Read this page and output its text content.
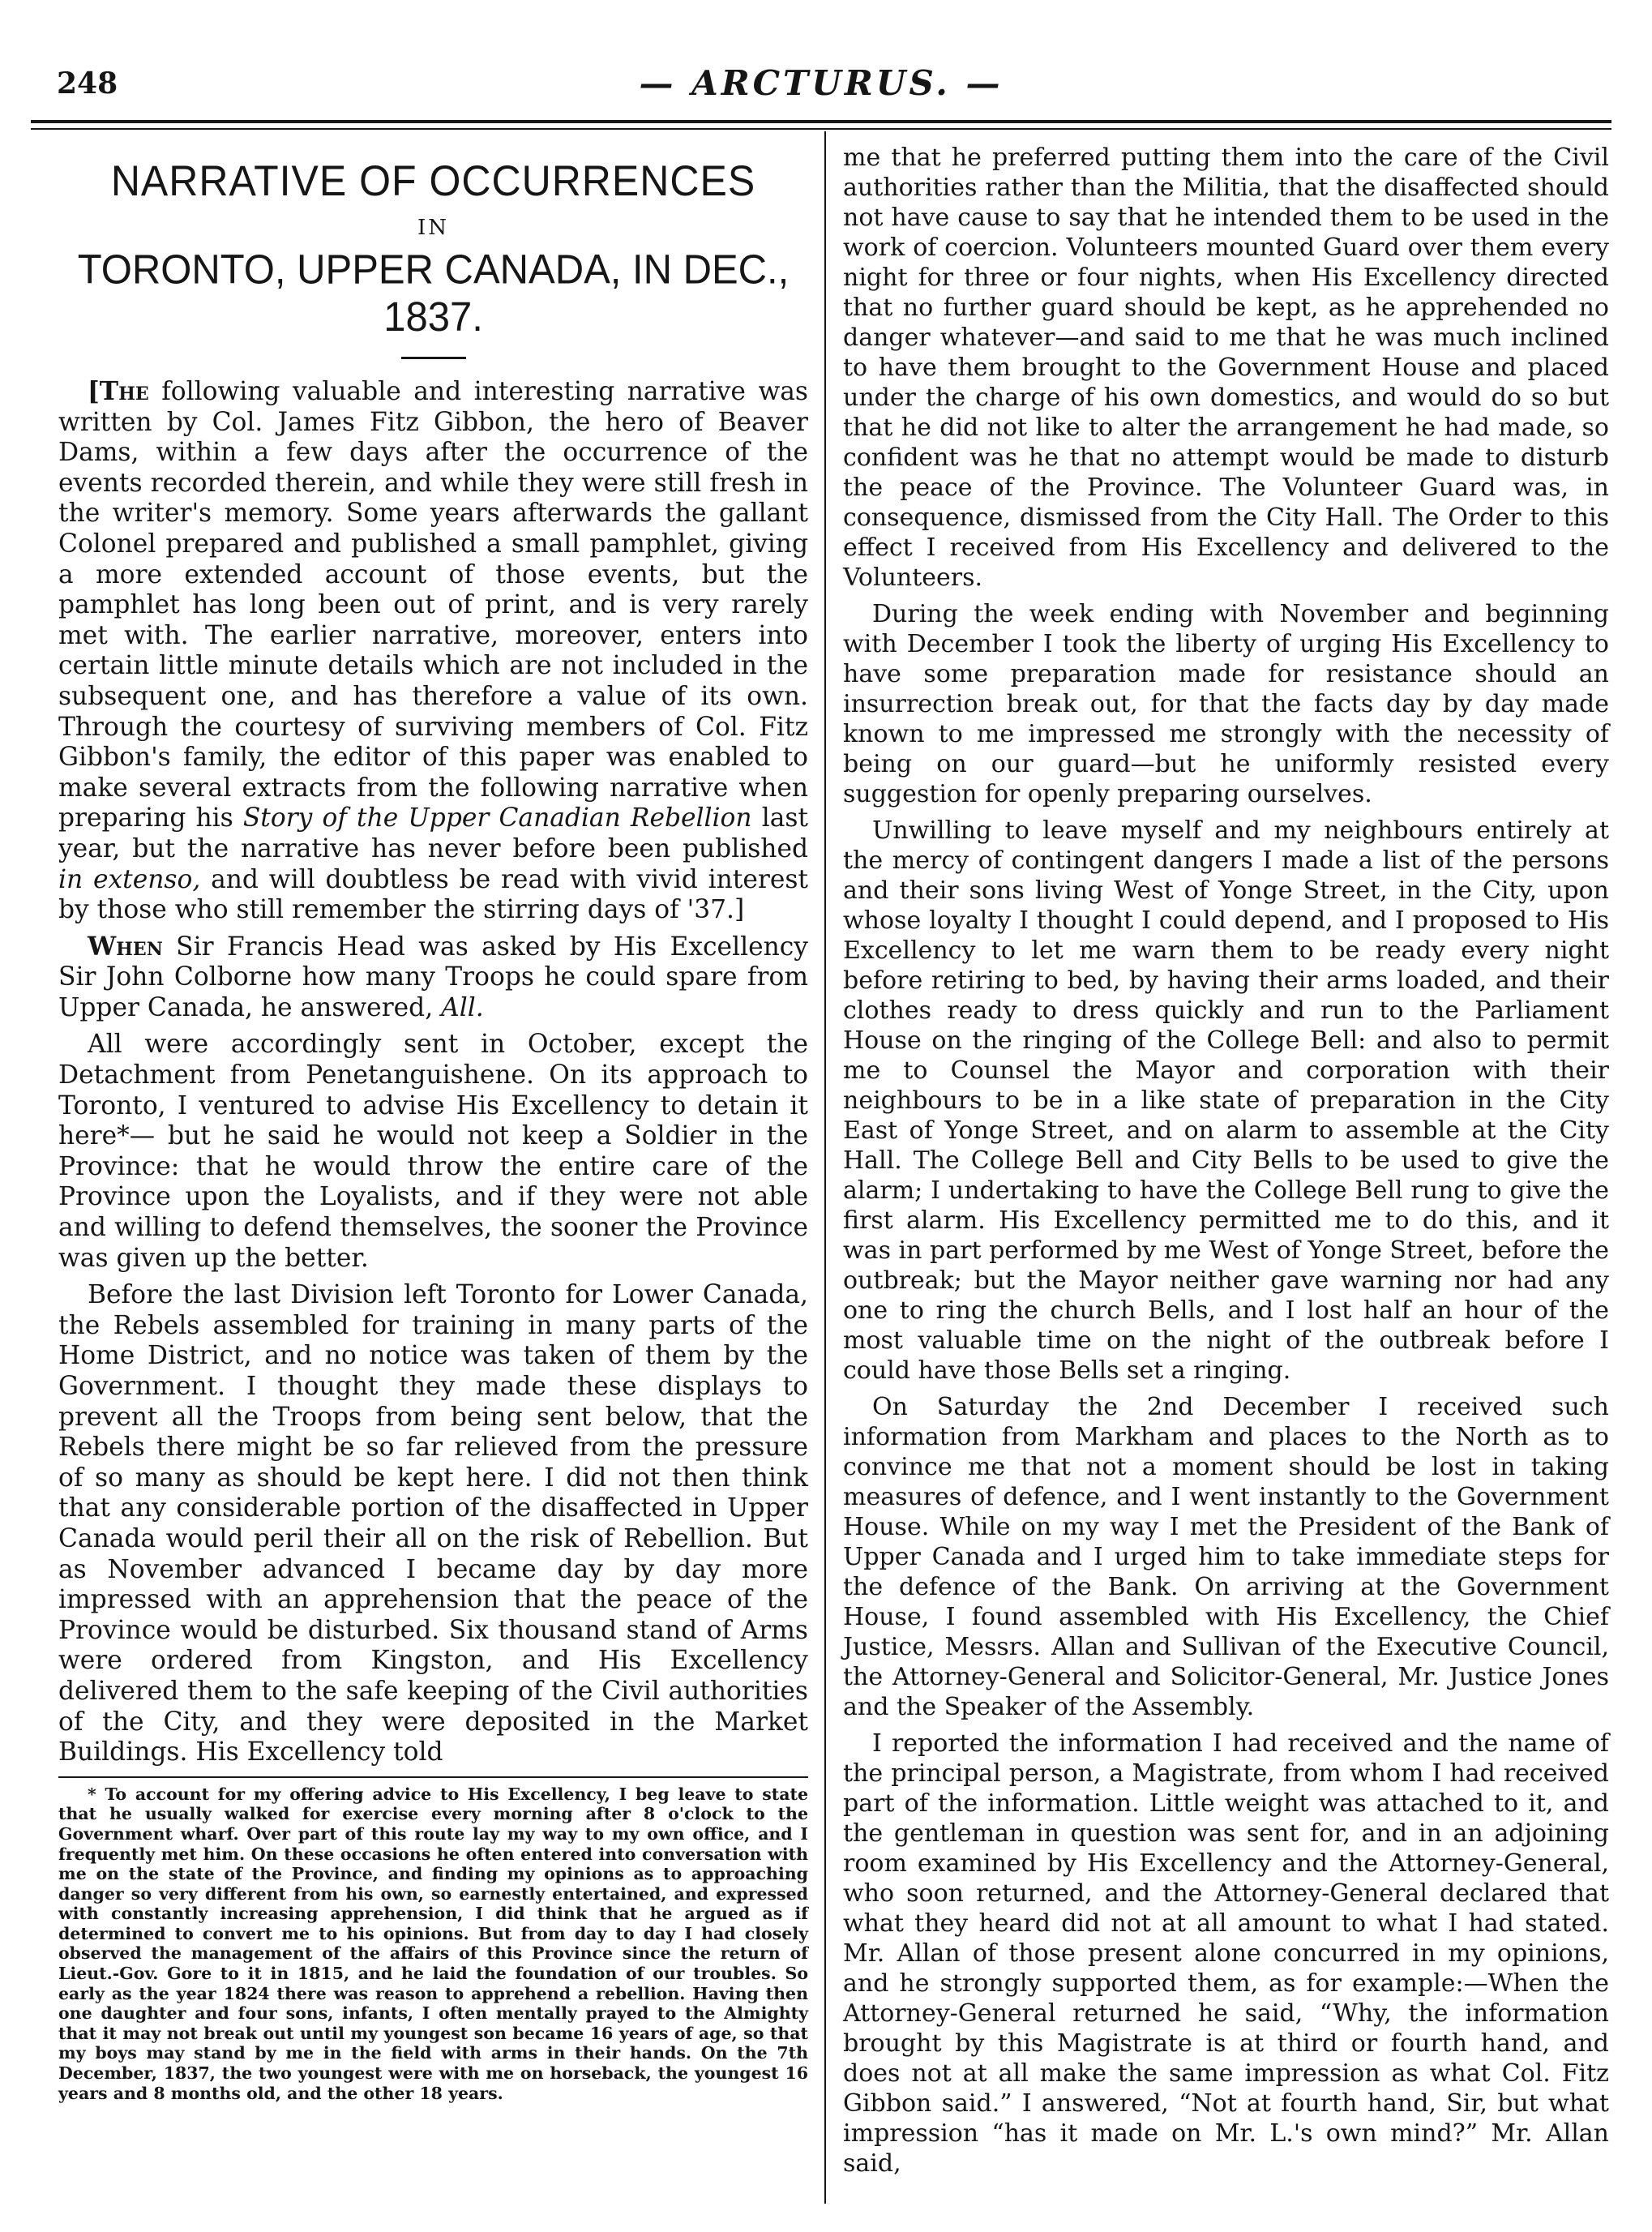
248	— ARCTURUS. —
NARRATIVE OF OCCURRENCES
IN
TORONTO, UPPER CANADA, IN DEC., 1837.

[The following valuable and interesting narrative was written by Col. James Fitz Gibbon, the hero of Beaver Dams, within a few days after the occurrence of the events recorded therein, and while they were still fresh in the writer's memory. Some years afterwards the gallant Colonel prepared and published a small pamphlet, giving a more extended account of those events, but the pamphlet has long been out of print, and is very rarely met with. The earlier narrative, moreover, enters into certain little minute details which are not included in the subsequent one, and has therefore a value of its own. Through the courtesy of surviving members of Col. Fitz Gibbon's family, the editor of this paper was enabled to make several extracts from the following narrative when preparing his Story of the Upper Canadian Rebellion last year, but the narrative has never before been published in extenso, and will doubtless be read with vivid interest by those who still remember the stirring days of '37.]

When Sir Francis Head was asked by His Excellency Sir John Colborne how many Troops he could spare from Upper Canada, he answered, All.

All were accordingly sent in October, except the Detachment from Penetanguishene. On its approach to Toronto, I ventured to advise His Excellency to detain it here*— but he said he would not keep a Soldier in the Province: that he would throw the entire care of the Province upon the Loyalists, and if they were not able and willing to defend themselves, the sooner the Province was given up the better.

Before the last Division left Toronto for Lower Canada, the Rebels assembled for training in many parts of the Home District, and no notice was taken of them by the Government. I thought they made these displays to prevent all the Troops from being sent below, that the Rebels there might be so far relieved from the pressure of so many as should be kept here. I did not then think that any considerable portion of the disaffected in Upper Canada would peril their all on the risk of Rebellion. But as November advanced I became day by day more impressed with an apprehension that the peace of the Province would be disturbed. Six thousand stand of Arms were ordered from Kingston, and His Excellency delivered them to the safe keeping of the Civil authorities of the City, and they were deposited in the Market Buildings. His Excellency told

* To account for my offering advice to His Excellency, I beg leave to state that he usually walked for exercise every morning after 8 o'clock to the Government wharf. Over part of this route lay my way to my own office, and I frequently met him. On these occasions he often entered into conversation with me on the state of the Province, and finding my opinions as to approaching danger so very different from his own, so earnestly entertained, and expressed with constantly increasing apprehension, I did think that he argued as if determined to convert me to his opinions. But from day to day I had closely observed the management of the affairs of this Province since the return of Lieut.-Gov. Gore to it in 1815, and he laid the foundation of our troubles. So early as the year 1824 there was reason to apprehend a rebellion. Having then one daughter and four sons, infants, I often mentally prayed to the Almighty that it may not break out until my youngest son became 16 years of age, so that my boys may stand by me in the field with arms in their hands. On the 7th December, 1837, the two youngest were with me on horseback, the youngest 16 years and 8 months old, and the other 18 years.

me that he preferred putting them into the care of the Civil authorities rather than the Militia, that the disaffected should not have cause to say that he intended them to be used in the work of coercion. Volunteers mounted Guard over them every night for three or four nights, when His Excellency directed that no further guard should be kept, as he apprehended no danger whatever—and said to me that he was much inclined to have them brought to the Government House and placed under the charge of his own domestics, and would do so but that he did not like to alter the arrangement he had made, so confident was he that no attempt would be made to disturb the peace of the Province. The Volunteer Guard was, in consequence, dismissed from the City Hall. The Order to this effect I received from His Excellency and delivered to the Volunteers.

During the week ending with November and beginning with December I took the liberty of urging His Excellency to have some preparation made for resistance should an insurrection break out, for that the facts day by day made known to me impressed me strongly with the necessity of being on our guard—but he uniformly resisted every suggestion for openly preparing ourselves.

Unwilling to leave myself and my neighbours entirely at the mercy of contingent dangers I made a list of the persons and their sons living West of Yonge Street, in the City, upon whose loyalty I thought I could depend, and I proposed to His Excellency to let me warn them to be ready every night before retiring to bed, by having their arms loaded, and their clothes ready to dress quickly and run to the Parliament House on the ringing of the College Bell: and also to permit me to Counsel the Mayor and corporation with their neighbours to be in a like state of preparation in the City East of Yonge Street, and on alarm to assemble at the City Hall. The College Bell and City Bells to be used to give the alarm; I undertaking to have the College Bell rung to give the first alarm. His Excellency permitted me to do this, and it was in part performed by me West of Yonge Street, before the outbreak; but the Mayor neither gave warning nor had any one to ring the church Bells, and I lost half an hour of the most valuable time on the night of the outbreak before I could have those Bells set a ringing.

On Saturday the 2nd December I received such information from Markham and places to the North as to convince me that not a moment should be lost in taking measures of defence, and I went instantly to the Government House. While on my way I met the President of the Bank of Upper Canada and I urged him to take immediate steps for the defence of the Bank. On arriving at the Government House, I found assembled with His Excellency, the Chief Justice, Messrs. Allan and Sullivan of the Executive Council, the Attorney-General and Solicitor-General, Mr. Justice Jones and the Speaker of the Assembly.

I reported the information I had received and the name of the principal person, a Magistrate, from whom I had received part of the information. Little weight was attached to it, and the gentleman in question was sent for, and in an adjoining room examined by His Excellency and the Attorney-General, who soon returned, and the Attorney-General declared that what they heard did not at all amount to what I had stated. Mr. Allan of those present alone concurred in my opinions, and he strongly supported them, as for example:—When the Attorney-General returned he said, “Why, the information brought by this Magistrate is at third or fourth hand, and does not at all make the same impression as what Col. Fitz Gibbon said.” I answered, “Not at fourth hand, Sir, but what impression “has it made on Mr. L.'s own mind?” Mr. Allan said,
